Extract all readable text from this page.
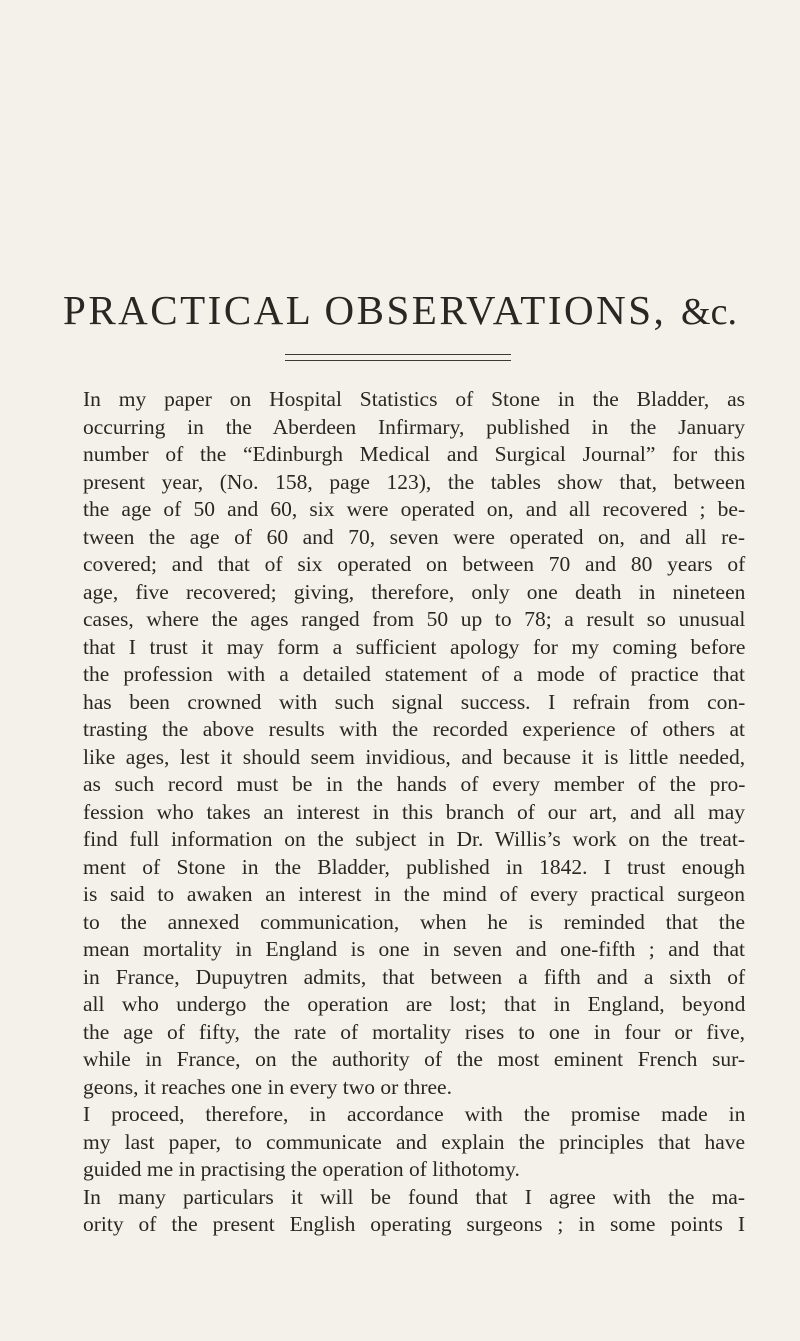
PRACTICAL OBSERVATIONS, &c.

In my paper on Hospital Statistics of Stone in the Bladder, as
occurring in the Aberdeen Infirmary, published in the January
number of the “Edinburgh Medical and Surgical Journal” for this
present year, (No. 158, page 123), the tables show that, between
the age of 50 and 60, six were operated on, and all recovered ; be-
tween the age of 60 and 70, seven were operated on, and all re-
covered; and that of six operated on between 70 and 80 years of
age, five recovered; giving, therefore, only one death in nineteen
cases, where the ages ranged from 50 up to 78; a result so unusual
that I trust it may form a sufficient apology for my coming before
the profession with a detailed statement of a mode of practice that
has been crowned with such signal success. I refrain from con-
trasting the above results with the recorded experience of others at
like ages, lest it should seem invidious, and because it is little needed,
as such record must be in the hands of every member of the pro-
fession who takes an interest in this branch of our art, and all may
find full information on the subject in Dr. Willis’s work on the treat-
ment of Stone in the Bladder, published in 1842. I trust enough
is said to awaken an interest in the mind of every practical surgeon
to the annexed communication, when he is reminded that the
mean mortality in England is one in seven and one-fifth ; and that
in France, Dupuytren admits, that between a fifth and a sixth of
all who undergo the operation are lost; that in England, beyond
the age of fifty, the rate of mortality rises to one in four or five,
while in France, on the authority of the most eminent French sur-
geons, it reaches one in every two or three.

I proceed, therefore, in accordance with the promise made in
my last paper, to communicate and explain the principles that have
guided me in practising the operation of lithotomy.

In many particulars it will be found that I agree with the ma-
ority of the present English operating surgeons ; in some points I
